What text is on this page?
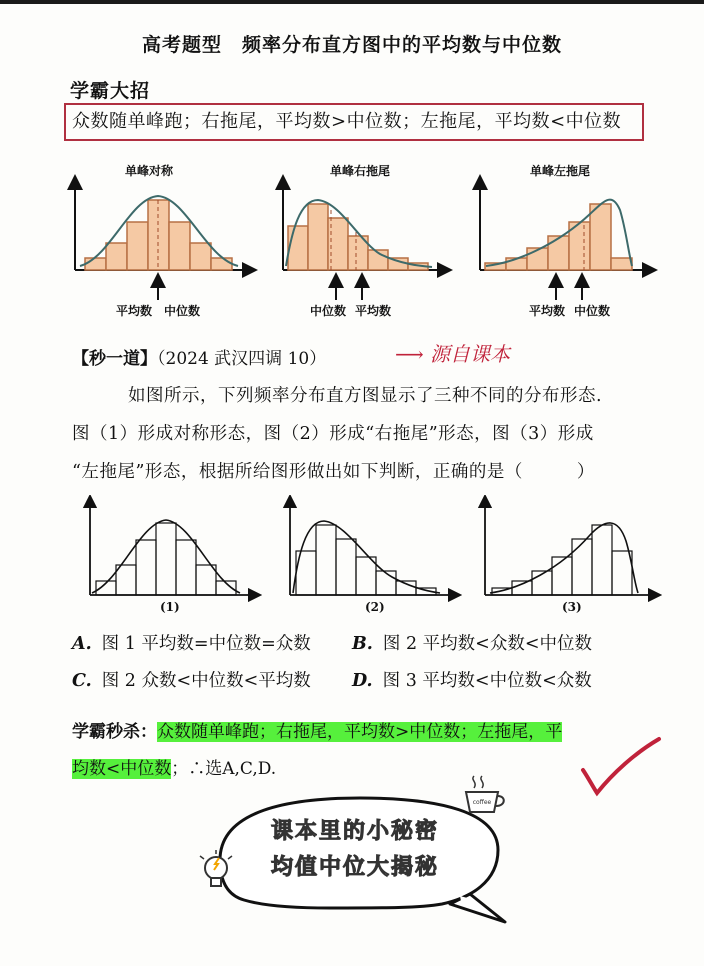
高考题型　频率分布直方图中的平均数与中位数
学霸大招
众数随单峰跑；右拖尾，平均数>中位数；左拖尾，平均数<中位数
单峰对称	单峰右拖尾	单峰左拖尾
平均数 中位数	中位数 平均数	平均数 中位数
【秒一道】（2024 武汉四调 10）	⟶ 源自课本
如图所示，下列频率分布直方图显示了三种不同的分布形态.
图（1）形成对称形态，图（2）形成“右拖尾”形态，图（3）形成
“左拖尾”形态，根据所给图形做出如下判断，正确的是（　　　）
(1)	(2)	(3)
A. 图 1 平均数=中位数=众数 B. 图 2 平均数<众数<中位数
C. 图 2 众数<中位数<平均数 D. 图 3 平均数<中位数<众数
学霸秒杀：众数随单峰跑；右拖尾，平均数>中位数；左拖尾，平
均数<中位数；∴选A,C,D.
课本里的小秘密
均值中位大揭秘
coffee
